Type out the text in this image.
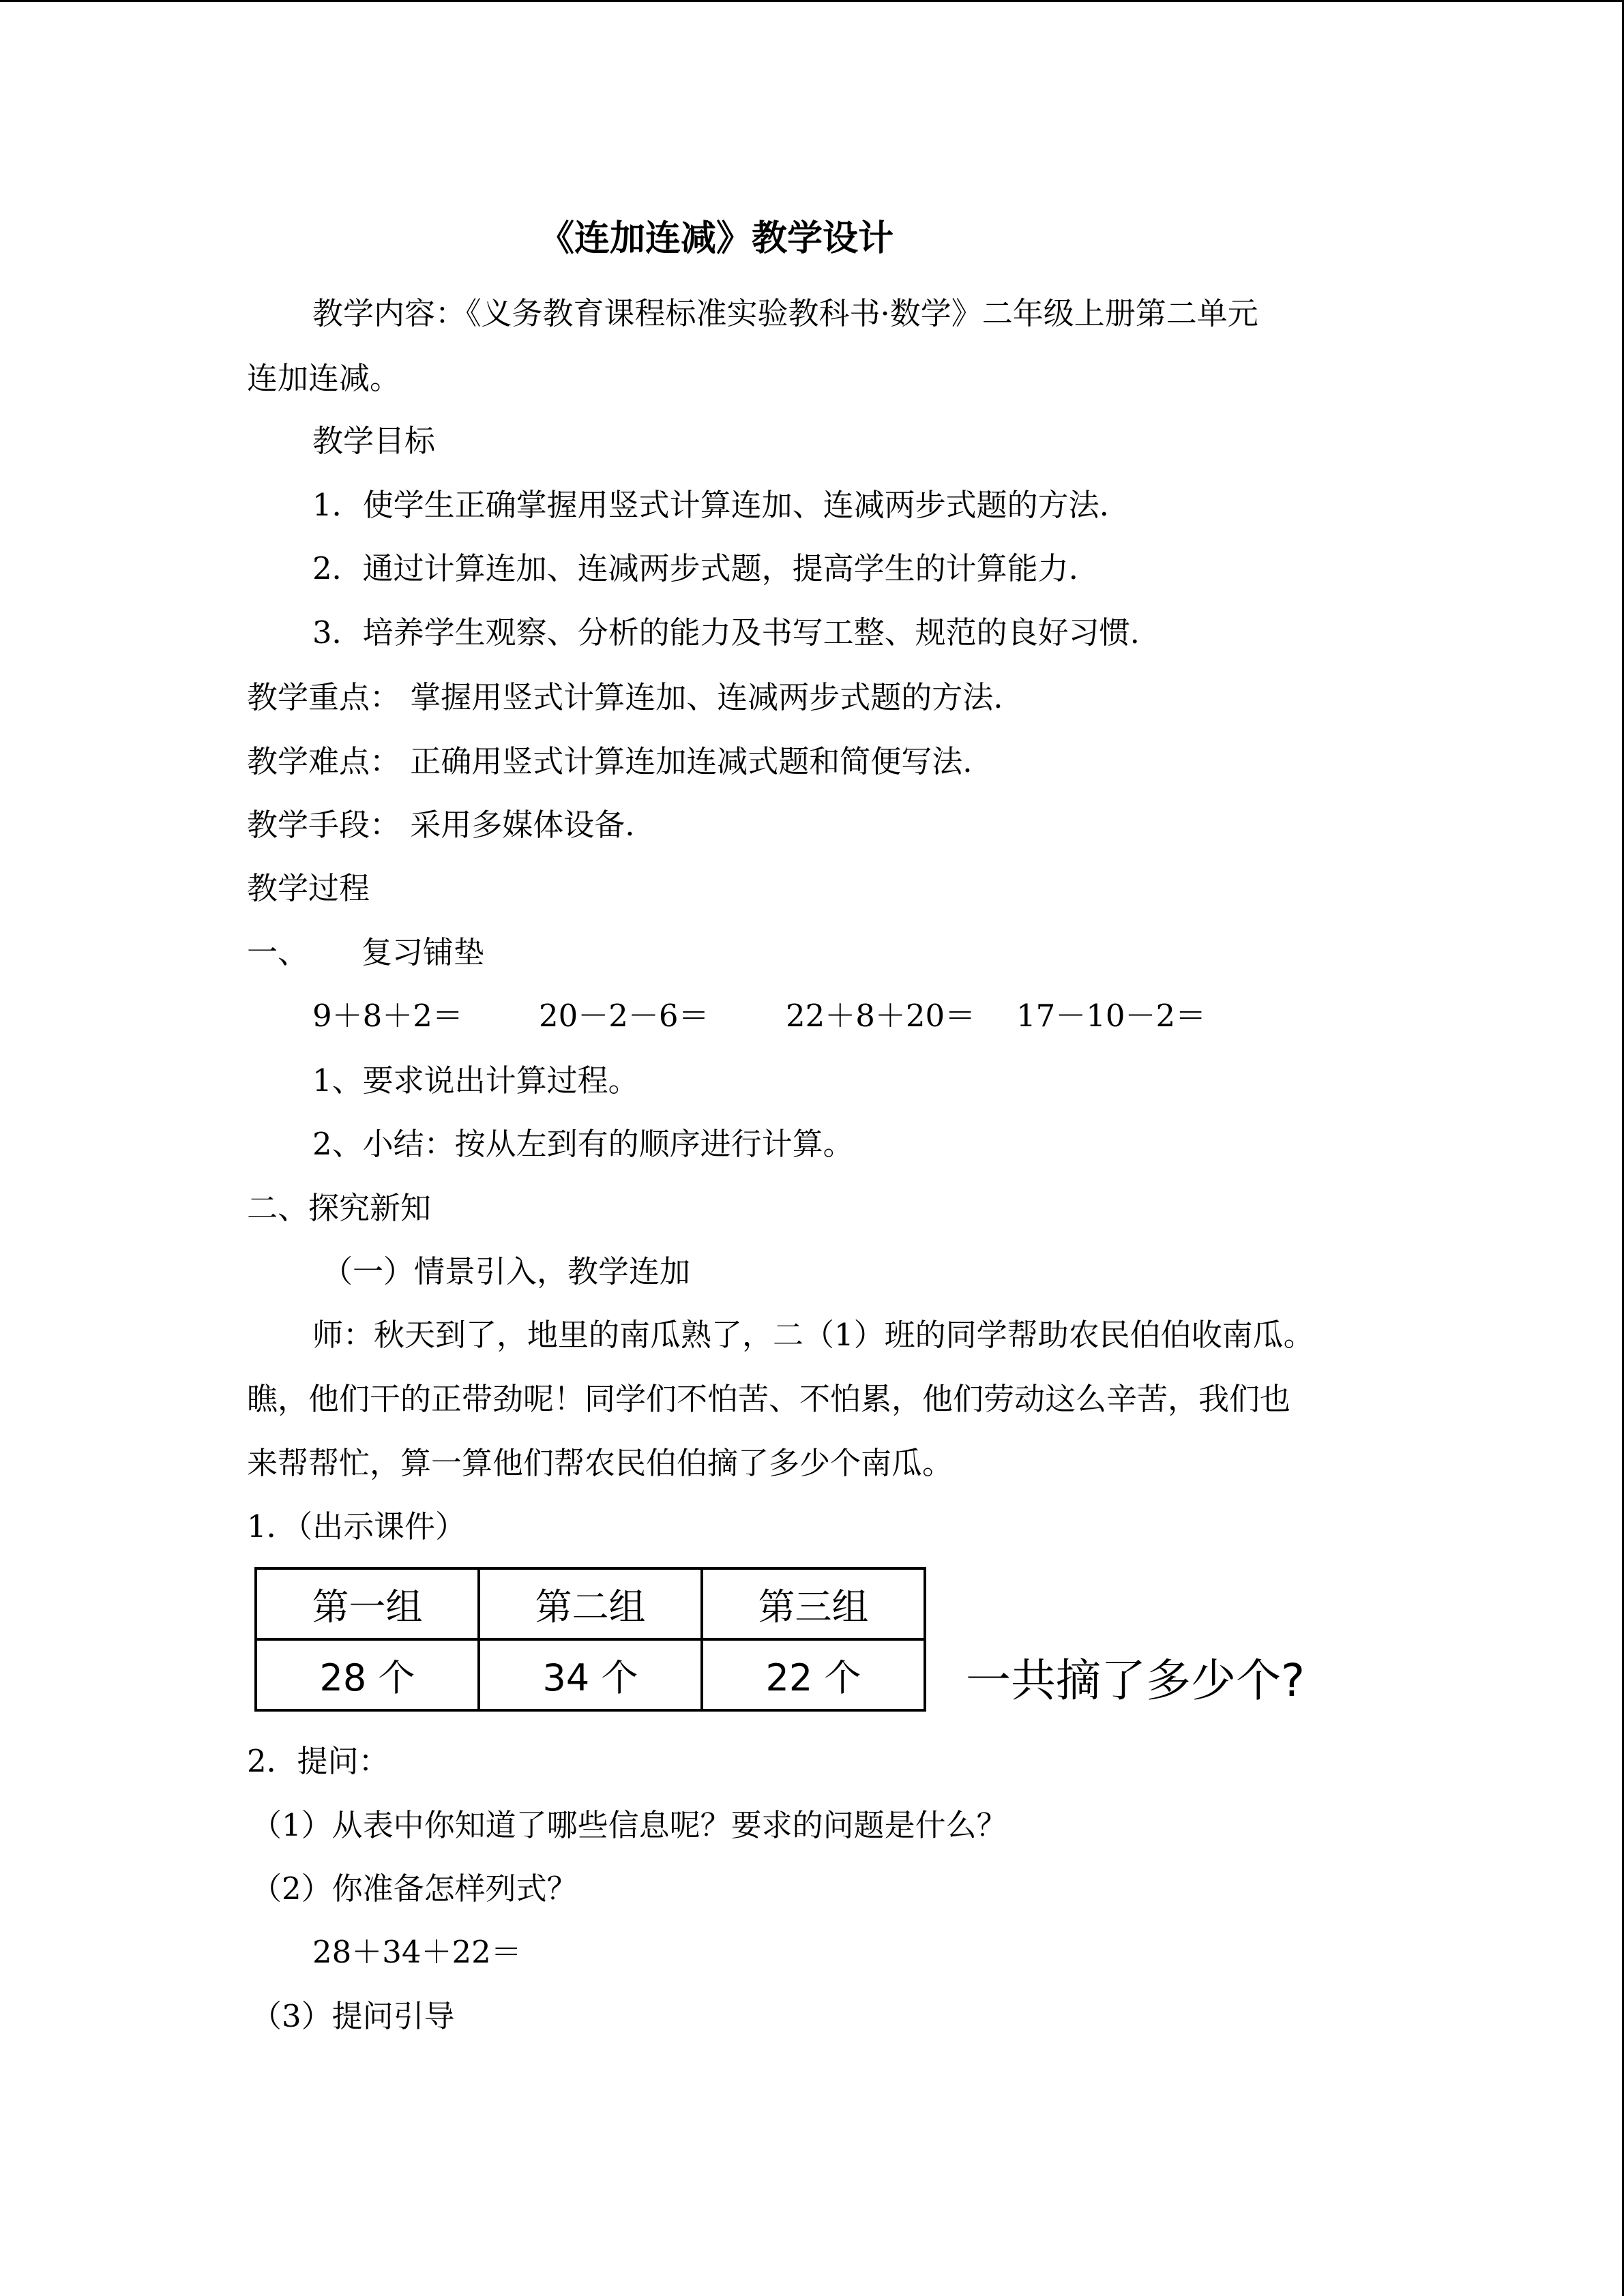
《连加连减》教学设计
教学内容：《义务教育课程标准实验教科书·数学》二年级上册第二单元
连加连减。
教学目标
1．使学生正确掌握用竖式计算连加、连减两步式题的方法.
2．通过计算连加、连减两步式题，提高学生的计算能力.
3．培养学生观察、分析的能力及书写工整、规范的良好习惯.
教学重点： 掌握用竖式计算连加、连减两步式题的方法.
教学难点： 正确用竖式计算连加连减式题和简便写法.
教学手段： 采用多媒体设备.
教学过程
一、 复习铺垫
9＋8＋2＝ 20－2－6＝ 22＋8＋20＝ 17－10－2＝
1、要求说出计算过程。
2、小结：按从左到有的顺序进行计算。
二、探究新知
（一）情景引入，教学连加
师：秋天到了，地里的南瓜熟了，二（1）班的同学帮助农民伯伯收南瓜。
瞧，他们干的正带劲呢！同学们不怕苦、不怕累，他们劳动这么辛苦，我们也
来帮帮忙，算一算他们帮农民伯伯摘了多少个南瓜。
1．（出示课件）
第一组	第二组	第三组
28 个	34 个	22 个 一共摘了多少个?
2．提问：
（1）从表中你知道了哪些信息呢？要求的问题是什么？
（2）你准备怎样列式？
28＋34＋22＝
（3）提问引导
